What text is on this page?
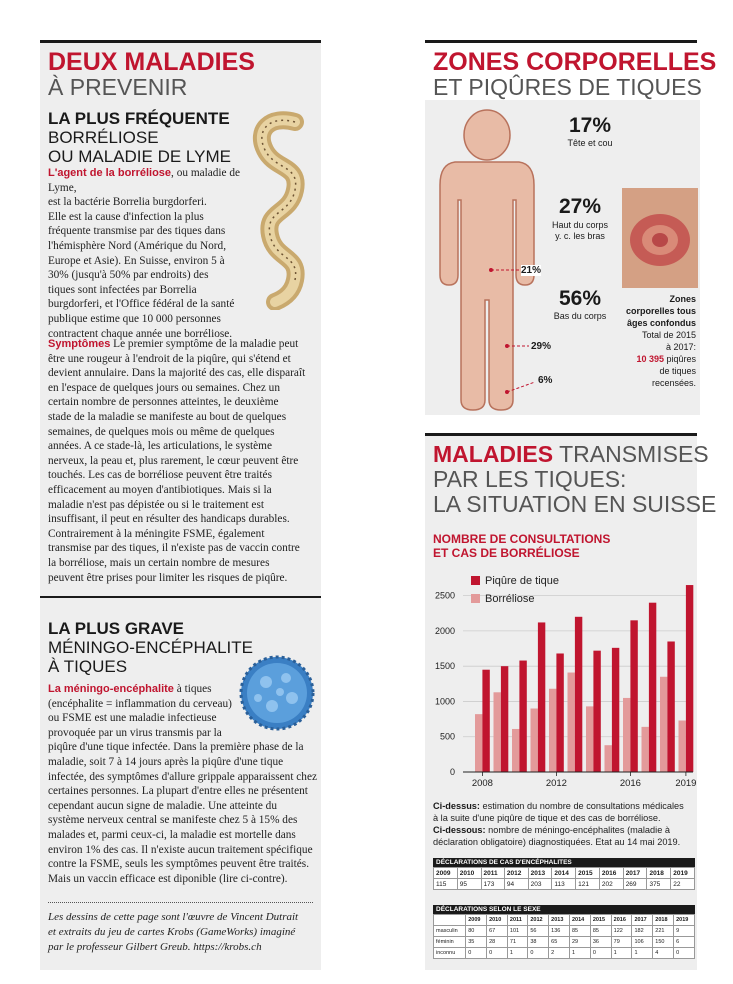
DEUX MALADIES
À PREVENIR
LA PLUS FRÉQUENTE
BORRÉLIOSE
OU MALADIE DE LYME
L'agent de la borréliose, ou maladie de Lyme,
est la bactérie Borrelia burgdorferi.
Elle est la cause d'infection la plus
fréquente transmise par des tiques dans
l'hémisphère Nord (Amérique du Nord,
Europe et Asie). En Suisse, environ 5 à
30% (jusqu'à 50% par endroits) des
tiques sont infectées par Borrelia
burgdorferi, et l'Office fédéral de la santé
publique estime que 10 000 personnes
contractent chaque année une borréliose.
Symptômes Le premier symptôme de la maladie peut
être une rougeur à l'endroit de la piqûre, qui s'étend et
devient annulaire. Dans la majorité des cas, elle disparaît
en l'espace de quelques jours ou semaines. Chez un
certain nombre de personnes atteintes, le deuxième
stade de la maladie se manifeste au bout de quelques
semaines, de quelques mois ou même de quelques
années. A ce stade-là, les articulations, le système
nerveux, la peau et, plus rarement, le cœur peuvent être
touchés. Les cas de borréliose peuvent être traités
efficacement au moyen d'antibiotiques. Mais si la
maladie n'est pas dépistée ou si le traitement est
insuffisant, il peut en résulter des handicaps durables.
Contrairement à la méningite FSME, également
transmise par des tiques, il n'existe pas de vaccin contre
la borréliose, mais un certain nombre de mesures
peuvent être prises pour limiter les risques de piqûre.
LA PLUS GRAVE
MÉNINGO-ENCÉPHALITE
À TIQUES
La méningo-encéphalite à tiques
(encéphalite = inflammation du cerveau)
ou FSME est une maladie infectieuse
provoquée par un virus transmis par la
piqûre d'une tique infectée. Dans la première phase de la
maladie, soit 7 à 14 jours après la piqûre d'une tique
infectée, des symptômes d'allure grippale apparaissent chez
certaines personnes. La plupart d'entre elles ne présentent
cependant aucun signe de maladie. Une atteinte du
système nerveux central se manifeste chez 5 à 15% des
malades et, parmi ceux-ci, la maladie est mortelle dans
environ 1% des cas. Il n'existe aucun traitement spécifique
contre la FSME, seuls les symptômes peuvent être traités.
Mais un vaccin efficace est diponible (lire ci-contre).
Les dessins de cette page sont l'œuvre de Vincent Dutrait
et extraits du jeu de cartes Krobs (GameWorks) imaginé
par le professeur Gilbert Greub. https://krobs.ch
ZONES CORPORELLES
ET PIQÛRES DE TIQUES
17%
Tête et cou
27%
Haut du corps
y. c. les bras
56%
Bas du corps
21%
29%
6%
Zones
corporelles tous
âges confondus
Total de 2015
à 2017:
10 395 piqûres
de tiques
recensées.
MALADIES TRANSMISES
PAR LES TIQUES:
LA SITUATION EN SUISSE
NOMBRE DE CONSULTATIONS
ET CAS DE BORRÉLIOSE
0
500
1000
1500
2000
2500
2008	2012	2016	2019
Piqûre de tique
Borréliose
Ci-dessus: estimation du nombre de consultations médicales
à la suite d'une piqûre de tique et des cas de borréliose.
Ci-dessous: nombre de méningo-encéphalites (maladie à
déclaration obligatoire) diagnostiquées. Etat au 14 mai 2019.
DÉCLARATIONS DE CAS D'ENCÉPHALITES
2009	2010	2011	2012	2013	2014	2015	2016	2017	2018	2019
115	95	173	94	203	113	121	202	269	375	22
DÉCLARATIONS SELON LE SEXE
	2009	2010	2011	2012	2013	2014	2015	2016	2017	2018	2019
masculin	80	67	101	56	136	85	85	122	182	221	9
féminin	35	28	71	38	65	29	36	79	106	150	6
inconnu	0	0	1	0	2	1	0	1	1	4	0
